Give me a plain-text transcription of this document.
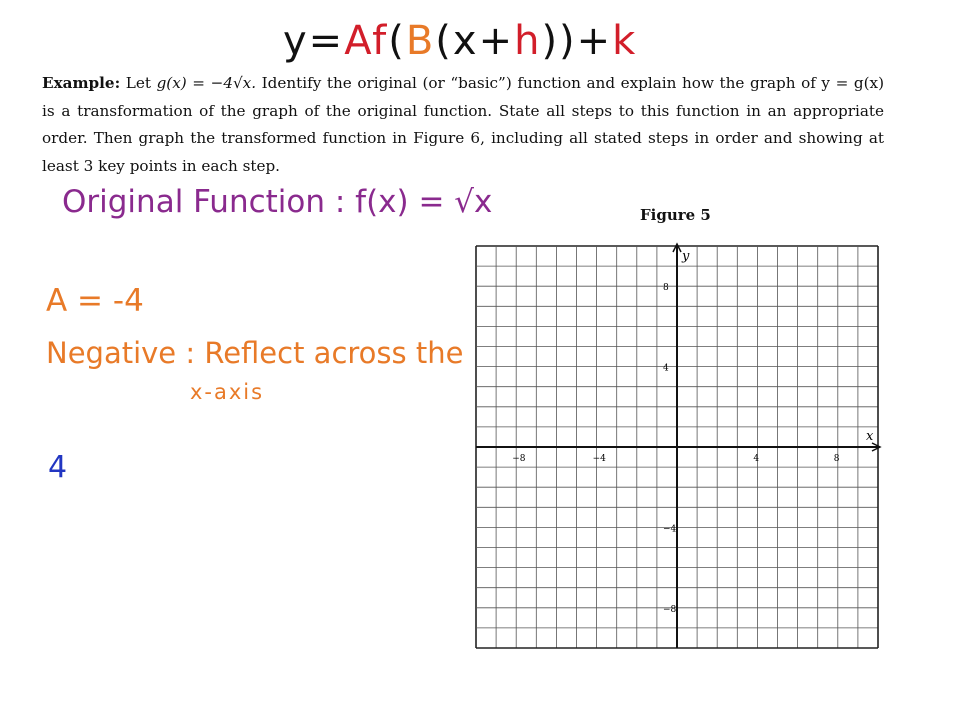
y=Af(B(x+h))+k
Example: Let g(x) = −4√x. Identify the original (or “basic”) function and explain how the graph of y = g(x) is a transformation of the graph of the original function. State all steps to this function in an appropriate order. Then graph the transformed function in Figure 6, including all stated steps in order and showing at least 3 key points in each step.
Original Function : f(x) = √x
A = -4
Negative : Reflect across the
x-axis
4
Figure 5
x
y
−8	−4	4	8
8
4
−4
−8
